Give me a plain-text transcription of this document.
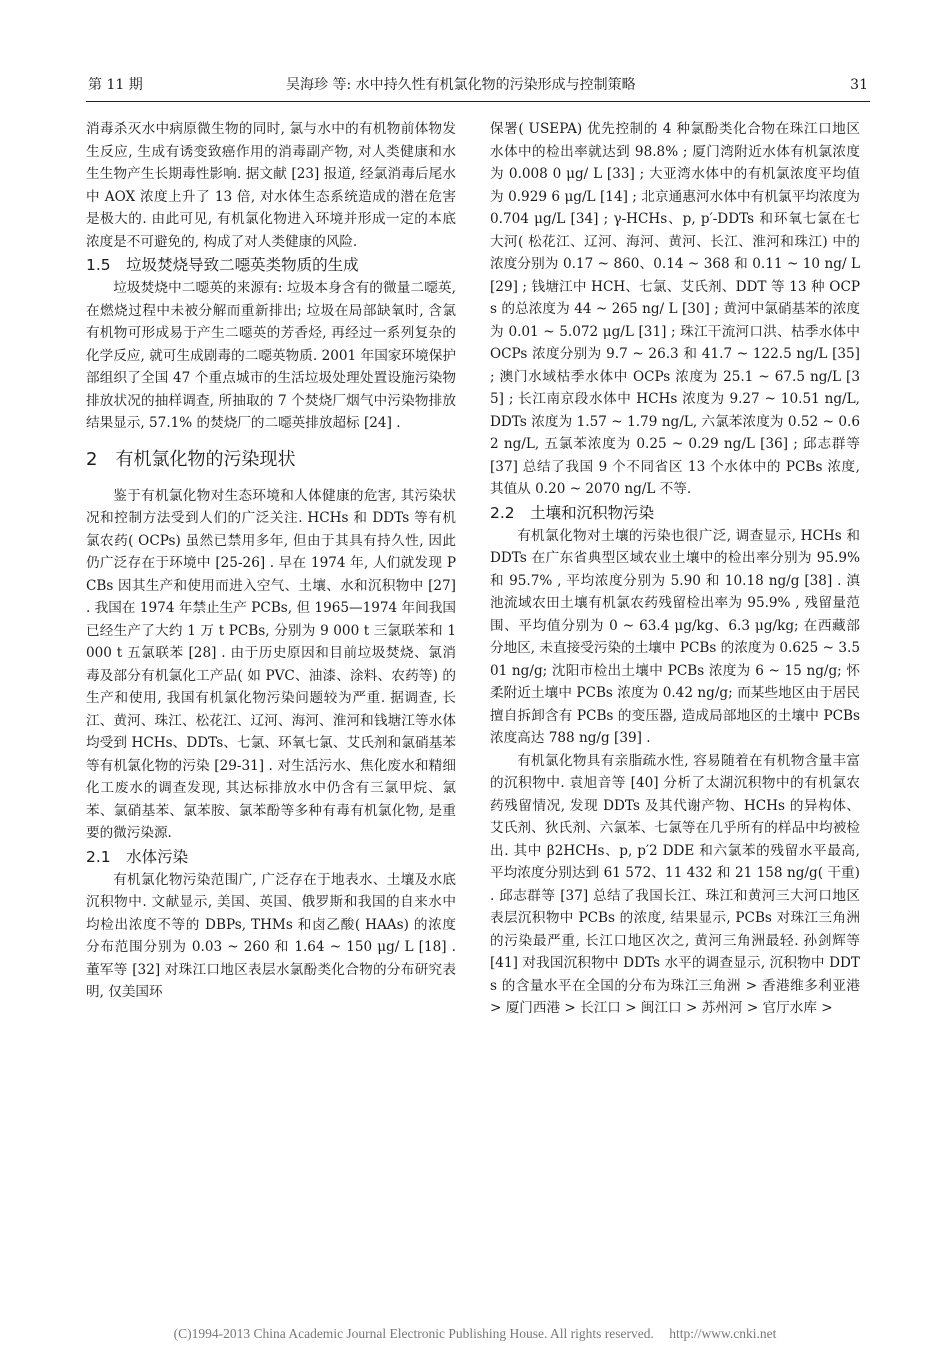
第 11 期	吴海珍 等: 水中持久性有机氯化物的污染形成与控制策略	31

消毒杀灭水中病原微生物的同时, 氯与水中的有机物前体物发生反应, 生成有诱变致癌作用的消毒副产物, 对人类健康和水生生物产生长期毒性影响. 据文献 [23] 报道, 经氯消毒后尾水中 AOX 浓度上升了 13 倍, 对水体生态系统造成的潜在危害是极大的. 由此可见, 有机氯化物进入环境并形成一定的本底浓度是不可避免的, 构成了对人类健康的风险.

1.5　垃圾焚烧导致二噁英类物质的生成

垃圾焚烧中二噁英的来源有: 垃圾本身含有的微量二噁英, 在燃烧过程中未被分解而重新排出; 垃圾在局部缺氧时, 含氯有机物可形成易于产生二噁英的芳香烃, 再经过一系列复杂的化学反应, 就可生成剧毒的二噁英物质. 2001 年国家环境保护部组织了全国 47 个重点城市的生活垃圾处理处置设施污染物排放状况的抽样调查, 所抽取的 7 个焚烧厂烟气中污染物排放结果显示, 57.1% 的焚烧厂的二噁英排放超标 [24] .

2　有机氯化物的污染现状

鉴于有机氯化物对生态环境和人体健康的危害, 其污染状况和控制方法受到人们的广泛关注. HCHs 和 DDTs 等有机氯农药( OCPs) 虽然已禁用多年, 但由于其具有持久性, 因此仍广泛存在于环境中 [25-26] . 早在 1974 年, 人们就发现 PCBs 因其生产和使用而进入空气、土壤、水和沉积物中 [27] . 我国在 1974 年禁止生产 PCBs, 但 1965—1974 年间我国已经生产了大约 1 万 t PCBs, 分别为 9 000 t 三氯联苯和 1 000 t 五氯联苯 [28] . 由于历史原因和目前垃圾焚烧、氯消毒及部分有机氯化工产品( 如 PVC、油漆、涂料、农药等) 的生产和使用, 我国有机氯化物污染问题较为严重. 据调查, 长江、黄河、珠江、松花江、辽河、海河、淮河和钱塘江等水体均受到 HCHs、DDTs、七氯、环氧七氯、艾氏剂和氯硝基苯等有机氯化物的污染 [29-31] . 对生活污水、焦化废水和精细化工废水的调查发现, 其达标排放水中仍含有三氯甲烷、氯苯、氯硝基苯、氯苯胺、氯苯酚等多种有毒有机氯化物, 是重要的微污染源.

2.1　水体污染

有机氯化物污染范围广, 广泛存在于地表水、土壤及水底沉积物中. 文献显示, 美国、英国、俄罗斯和我国的自来水中均检出浓度不等的 DBPs, THMs 和卤乙酸( HAAs) 的浓度分布范围分别为 0.03 ~ 260 和 1.64 ~ 150 μg/ L [18] . 董军等 [32] 对珠江口地区表层水氯酚类化合物的分布研究表明, 仅美国环

保署( USEPA) 优先控制的 4 种氯酚类化合物在珠江口地区水体中的检出率就达到 98.8% ; 厦门湾附近水体有机氯浓度为 0.008 0 μg/ L [33] ; 大亚湾水体中的有机氯浓度平均值为 0.929 6 μg/L [14] ; 北京通惠河水体中有机氯平均浓度为 0.704 μg/L [34] ; γ-HCHs、p, p′-DDTs 和环氧七氯在七大河( 松花江、辽河、海河、黄河、长江、淮河和珠江) 中的浓度分别为 0.17 ~ 860、0.14 ~ 368 和 0.11 ~ 10 ng/ L [29] ; 钱塘江中 HCH、七氯、艾氏剂、DDT 等 13 种 OCPs 的总浓度为 44 ~ 265 ng/ L [30] ; 黄河中氯硝基苯的浓度为 0.01 ~ 5.072 μg/L [31] ; 珠江干流河口洪、枯季水体中 OCPs 浓度分别为 9.7 ~ 26.3 和 41.7 ~ 122.5 ng/L [35] ; 澳门水域枯季水体中 OCPs 浓度为 25.1 ~ 67.5 ng/L [35] ; 长江南京段水体中 HCHs 浓度为 9.27 ~ 10.51 ng/L, DDTs 浓度为 1.57 ~ 1.79 ng/L, 六氯苯浓度为 0.52 ~ 0.62 ng/L, 五氯苯浓度为 0.25 ~ 0.29 ng/L [36] ; 邱志群等 [37] 总结了我国 9 个不同省区 13 个水体中的 PCBs 浓度, 其值从 0.20 ~ 2070 ng/L 不等.

2.2　土壤和沉积物污染

有机氯化物对土壤的污染也很广泛, 调查显示, HCHs 和 DDTs 在广东省典型区域农业土壤中的检出率分别为 95.9% 和 95.7% , 平均浓度分别为 5.90 和 10.18 ng/g [38] . 滇池流域农田土壤有机氯农药残留检出率为 95.9% , 残留量范围、平均值分别为 0 ~ 63.4 μg/kg、6.3 μg/kg; 在西藏部分地区, 未直接受污染的土壤中 PCBs 的浓度为 0.625 ~ 3.501 ng/g; 沈阳市检出土壤中 PCBs 浓度为 6 ~ 15 ng/g; 怀柔附近土壤中 PCBs 浓度为 0.42 ng/g; 而某些地区由于居民擅自拆卸含有 PCBs 的变压器, 造成局部地区的土壤中 PCBs 浓度高达 788 ng/g [39] .

有机氯化物具有亲脂疏水性, 容易随着在有机物含量丰富的沉积物中. 袁旭音等 [40] 分析了太湖沉积物中的有机氯农药残留情况, 发现 DDTs 及其代谢产物、HCHs 的异构体、艾氏剂、狄氏剂、六氯苯、七氯等在几乎所有的样品中均被检出. 其中 β2HCHs、p, p′2 DDE 和六氯苯的残留水平最高, 平均浓度分别达到 61 572、11 432 和 21 158 ng/g( 干重) . 邱志群等 [37] 总结了我国长江、珠江和黄河三大河口地区表层沉积物中 PCBs 的浓度, 结果显示, PCBs 对珠江三角洲的污染最严重, 长江口地区次之, 黄河三角洲最轻. 孙剑辉等 [41] 对我国沉积物中 DDTs 水平的调查显示, 沉积物中 DDTs 的含量水平在全国的分布为珠江三角洲 > 香港维多利亚港 > 厦门西港 > 长江口 > 闽江口 > 苏州河 > 官厅水库 >

(C)1994-2013 China Academic Journal Electronic Publishing House. All rights reserved. http://www.cnki.net
